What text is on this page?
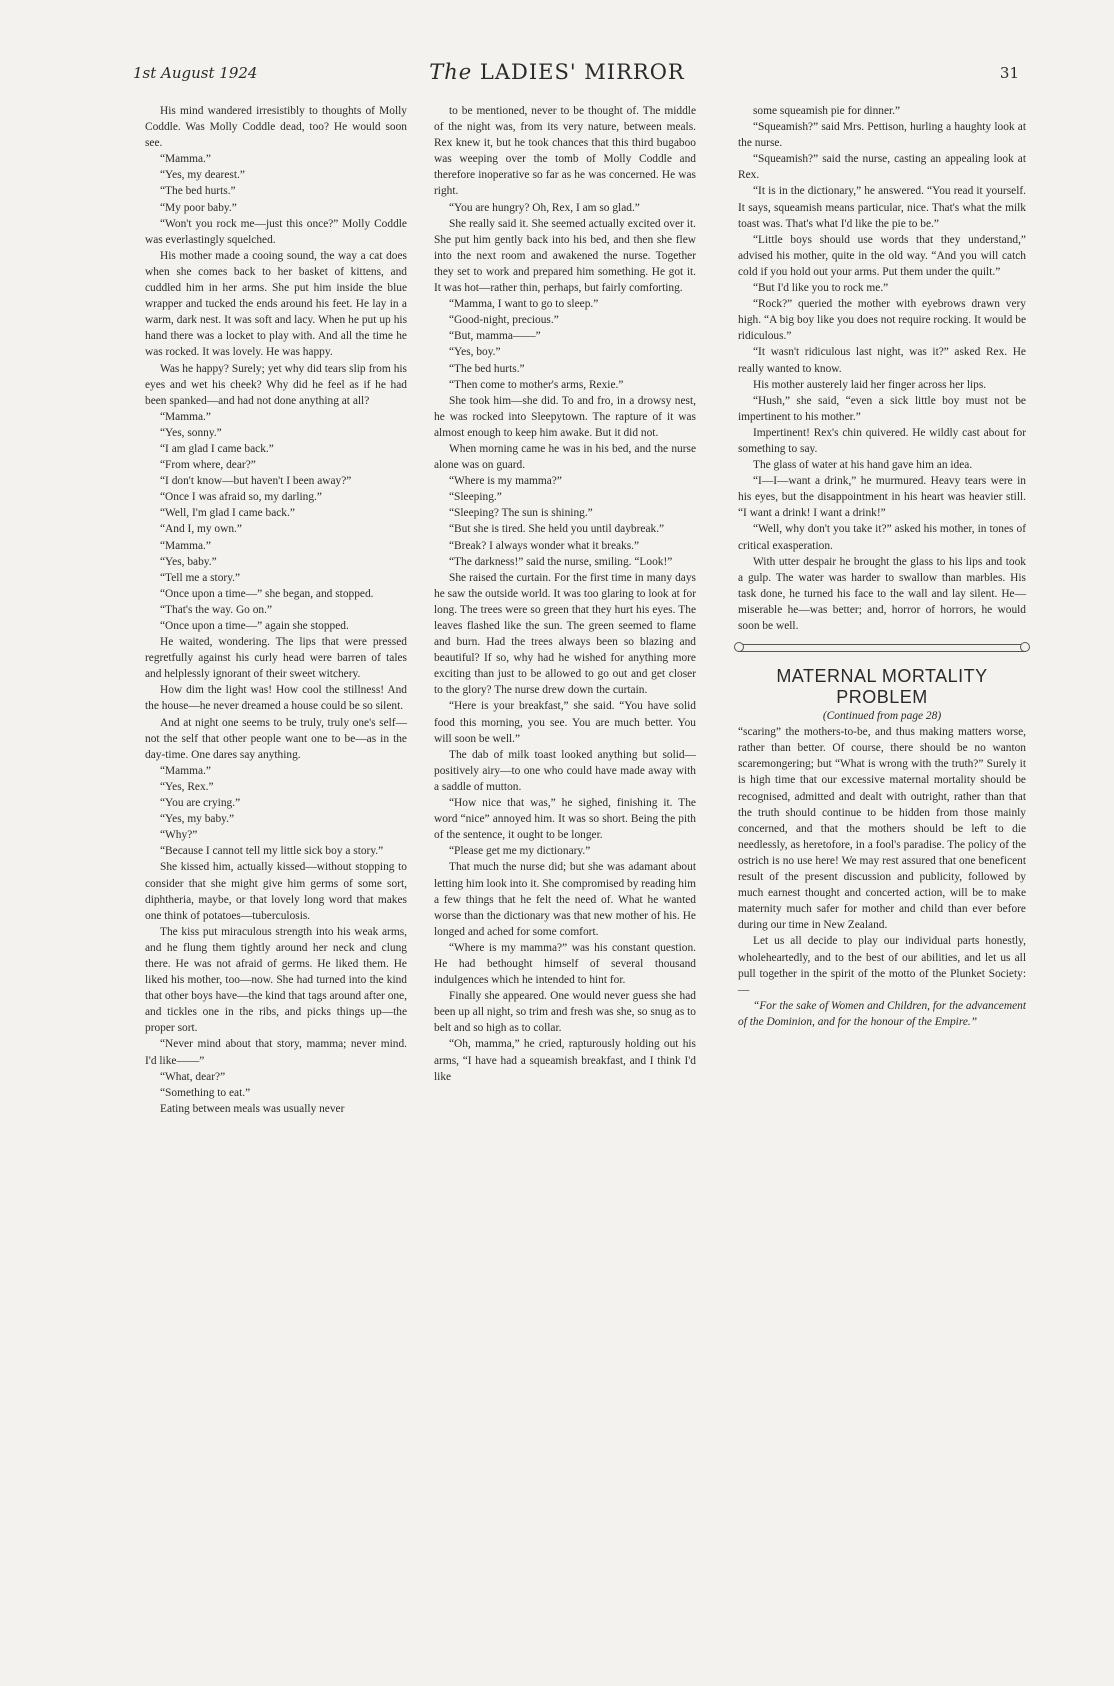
1st August 1924	The LADIES' MIRROR	31

His mind wandered irresistibly to thoughts of Molly Coddle. Was Molly Coddle dead, too? He would soon see.

“Mamma.”

“Yes, my dearest.”

“The bed hurts.”

“My poor baby.”

“Won't you rock me—just this once?” Molly Coddle was everlastingly squelched.

His mother made a cooing sound, the way a cat does when she comes back to her basket of kittens, and cuddled him in her arms. She put him inside the blue wrapper and tucked the ends around his feet. He lay in a warm, dark nest. It was soft and lacy. When he put up his hand there was a locket to play with. And all the time he was rocked. It was lovely. He was happy.

Was he happy? Surely; yet why did tears slip from his eyes and wet his cheek? Why did he feel as if he had been spanked—and had not done anything at all?

“Mamma.”

“Yes, sonny.”

“I am glad I came back.”

“From where, dear?”

“I don't know—but haven't I been away?”

“Once I was afraid so, my darling.”

“Well, I'm glad I came back.”

“And I, my own.”

“Mamma.”

“Yes, baby.”

“Tell me a story.”

“Once upon a time—” she began, and stopped.

“That's the way. Go on.”

“Once upon a time—” again she stopped.

He waited, wondering. The lips that were pressed regretfully against his curly head were barren of tales and helplessly ignorant of their sweet witchery.

How dim the light was! How cool the stillness! And the house—he never dreamed a house could be so silent.

And at night one seems to be truly, truly one's self—not the self that other people want one to be—as in the day-time. One dares say anything.

“Mamma.”

“Yes, Rex.”

“You are crying.”

“Yes, my baby.”

“Why?”

“Because I cannot tell my little sick boy a story.”

She kissed him, actually kissed—without stopping to consider that she might give him germs of some sort, diphtheria, maybe, or that lovely long word that makes one think of potatoes—tuberculosis.

The kiss put miraculous strength into his weak arms, and he flung them tightly around her neck and clung there. He was not afraid of germs. He liked them. He liked his mother, too—now. She had turned into the kind that other boys have—the kind that tags around after one, and tickles one in the ribs, and picks things up—the proper sort.

“Never mind about that story, mamma; never mind. I'd like——”

“What, dear?”

“Something to eat.”

Eating between meals was usually never

to be mentioned, never to be thought of. The middle of the night was, from its very nature, between meals. Rex knew it, but he took chances that this third bugaboo was weeping over the tomb of Molly Coddle and therefore inoperative so far as he was concerned. He was right.

“You are hungry? Oh, Rex, I am so glad.”

She really said it. She seemed actually excited over it. She put him gently back into his bed, and then she flew into the next room and awakened the nurse. Together they set to work and prepared him something. He got it. It was hot—rather thin, perhaps, but fairly comforting.

“Mamma, I want to go to sleep.”

“Good-night, precious.”

“But, mamma——”

“Yes, boy.”

“The bed hurts.”

“Then come to mother's arms, Rexie.”

She took him—she did. To and fro, in a drowsy nest, he was rocked into Sleepytown. The rapture of it was almost enough to keep him awake. But it did not.

When morning came he was in his bed, and the nurse alone was on guard.

“Where is my mamma?”

“Sleeping.”

“Sleeping? The sun is shining.”

“But she is tired. She held you until daybreak.”

“Break? I always wonder what it breaks.”

“The darkness!” said the nurse, smiling. “Look!”

She raised the curtain. For the first time in many days he saw the outside world. It was too glaring to look at for long. The trees were so green that they hurt his eyes. The leaves flashed like the sun. The green seemed to flame and burn. Had the trees always been so blazing and beautiful? If so, why had he wished for anything more exciting than just to be allowed to go out and get closer to the glory? The nurse drew down the curtain.

“Here is your breakfast,” she said. “You have solid food this morning, you see. You are much better. You will soon be well.”

The dab of milk toast looked anything but solid—positively airy—to one who could have made away with a saddle of mutton.

“How nice that was,” he sighed, finishing it. The word “nice” annoyed him. It was so short. Being the pith of the sentence, it ought to be longer.

“Please get me my dictionary.”

That much the nurse did; but she was adamant about letting him look into it. She compromised by reading him a few things that he felt the need of. What he wanted worse than the dictionary was that new mother of his. He longed and ached for some comfort.

“Where is my mamma?” was his constant question. He had bethought himself of several thousand indulgences which he intended to hint for.

Finally she appeared. One would never guess she had been up all night, so trim and fresh was she, so snug as to belt and so high as to collar.

“Oh, mamma,” he cried, rapturously holding out his arms, “I have had a squeamish breakfast, and I think I'd like

some squeamish pie for dinner.”

“Squeamish?” said Mrs. Pettison, hurling a haughty look at the nurse.

“Squeamish?” said the nurse, casting an appealing look at Rex.

“It is in the dictionary,” he answered. “You read it yourself. It says, squeamish means particular, nice. That's what the milk toast was. That's what I'd like the pie to be.”

“Little boys should use words that they understand,” advised his mother, quite in the old way. “And you will catch cold if you hold out your arms. Put them under the quilt.”

“But I'd like you to rock me.”

“Rock?” queried the mother with eyebrows drawn very high. “A big boy like you does not require rocking. It would be ridiculous.”

“It wasn't ridiculous last night, was it?” asked Rex. He really wanted to know.

His mother austerely laid her finger across her lips.

“Hush,” she said, “even a sick little boy must not be impertinent to his mother.”

Impertinent! Rex's chin quivered. He wildly cast about for something to say.

The glass of water at his hand gave him an idea.

“I—I—want a drink,” he murmured. Heavy tears were in his eyes, but the disappointment in his heart was heavier still. “I want a drink! I want a drink!”

“Well, why don't you take it?” asked his mother, in tones of critical exasperation.

With utter despair he brought the glass to his lips and took a gulp. The water was harder to swallow than marbles. His task done, he turned his face to the wall and lay silent. He—miserable he—was better; and, horror of horrors, he would soon be well.

MATERNAL MORTALITY
PROBLEM

(Continued from page 28)

“scaring” the mothers-to-be, and thus making matters worse, rather than better. Of course, there should be no wanton scaremongering; but “What is wrong with the truth?” Surely it is high time that our excessive maternal mortality should be recognised, admitted and dealt with outright, rather than that the truth should continue to be hidden from those mainly concerned, and that the mothers should be left to die needlessly, as heretofore, in a fool's paradise. The policy of the ostrich is no use here! We may rest assured that one beneficent result of the present discussion and publicity, followed by much earnest thought and concerted action, will be to make maternity much safer for mother and child than ever before during our time in New Zealand.

Let us all decide to play our individual parts honestly, wholeheartedly, and to the best of our abilities, and let us all pull together in the spirit of the motto of the Plunket Society:—

“For the sake of Women and Children, for the advancement of the Dominion, and for the honour of the Empire.”
